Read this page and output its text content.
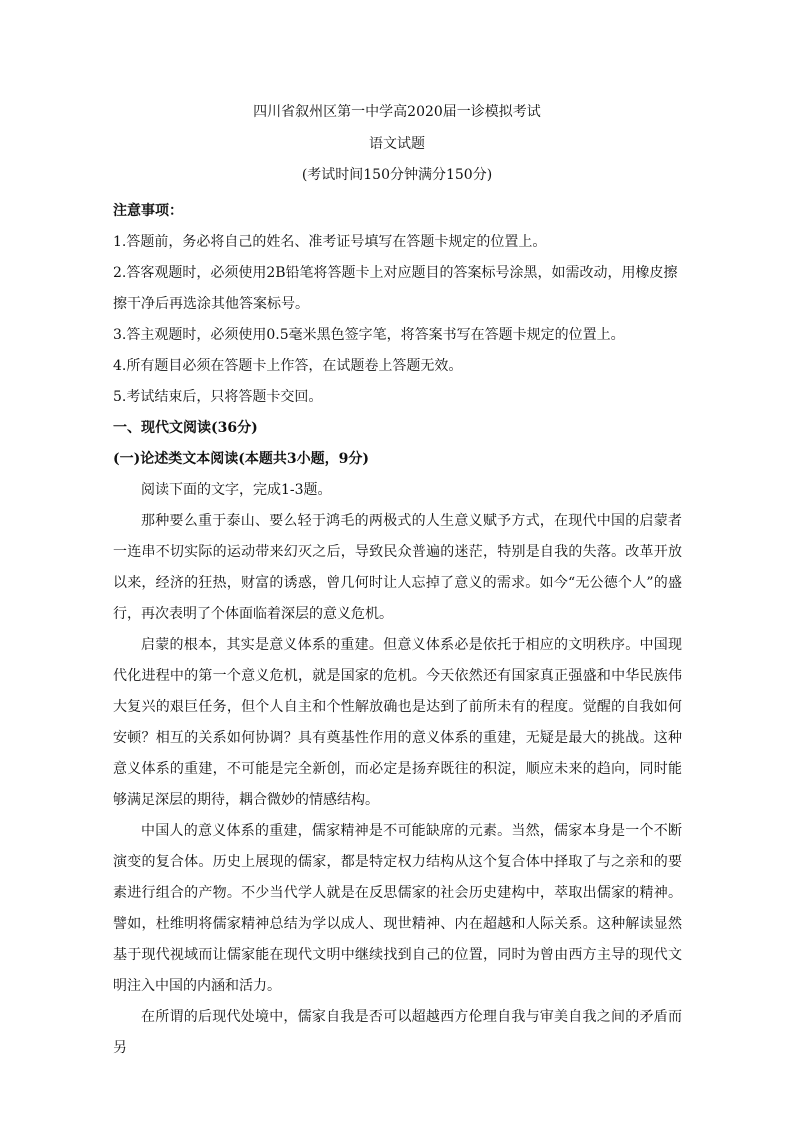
四川省叙州区第一中学高2020届一诊模拟考试
语文试题
(考试时间150分钟满分150分)

注意事项：

1.答题前，务必将自己的姓名、准考证号填写在答题卡规定的位置上。

2.答客观题时，必须使用2B铅笔将答题卡上对应题目的答案标号涂黑，如需改动，用橡皮擦擦干净后再选涂其他答案标号。

3.答主观题时，必须使用0.5毫米黑色签字笔，将答案书写在答题卡规定的位置上。

4.所有题目必须在答题卡上作答，在试题卷上答题无效。

5.考试结束后，只将答题卡交回。

一、现代文阅读(36分)

(一)论述类文本阅读(本题共3小题，9分)

阅读下面的文字，完成1-3题。

那种要么重于泰山、要么轻于鸿毛的两极式的人生意义赋予方式，在现代中国的启蒙者一连串不切实际的运动带来幻灭之后，导致民众普遍的迷茫，特别是自我的失落。改革开放以来，经济的狂热，财富的诱惑，曾几何时让人忘掉了意义的需求。如今“无公德个人”的盛行，再次表明了个体面临着深层的意义危机。

启蒙的根本，其实是意义体系的重建。但意义体系必是依托于相应的文明秩序。中国现代化进程中的第一个意义危机，就是国家的危机。今天依然还有国家真正强盛和中华民族伟大复兴的艰巨任务，但个人自主和个性解放确也是达到了前所未有的程度。觉醒的自我如何安顿？相互的关系如何协调？具有奠基性作用的意义体系的重建，无疑是最大的挑战。这种意义体系的重建，不可能是完全新创，而必定是扬弃既往的积淀，顺应未来的趋向，同时能够满足深层的期待，耦合微妙的情感结构。

中国人的意义体系的重建，儒家精神是不可能缺席的元素。当然，儒家本身是一个不断演变的复合体。历史上展现的儒家，都是特定权力结构从这个复合体中择取了与之亲和的要素进行组合的产物。不少当代学人就是在反思儒家的社会历史建构中，萃取出儒家的精神。譬如，杜维明将儒家精神总结为学以成人、现世精神、内在超越和人际关系。这种解读显然基于现代视域而让儒家能在现代文明中继续找到自己的位置，同时为曾由西方主导的现代文明注入中国的内涵和活力。

在所谓的后现代处境中，儒家自我是否可以超越西方伦理自我与审美自我之间的矛盾而另
